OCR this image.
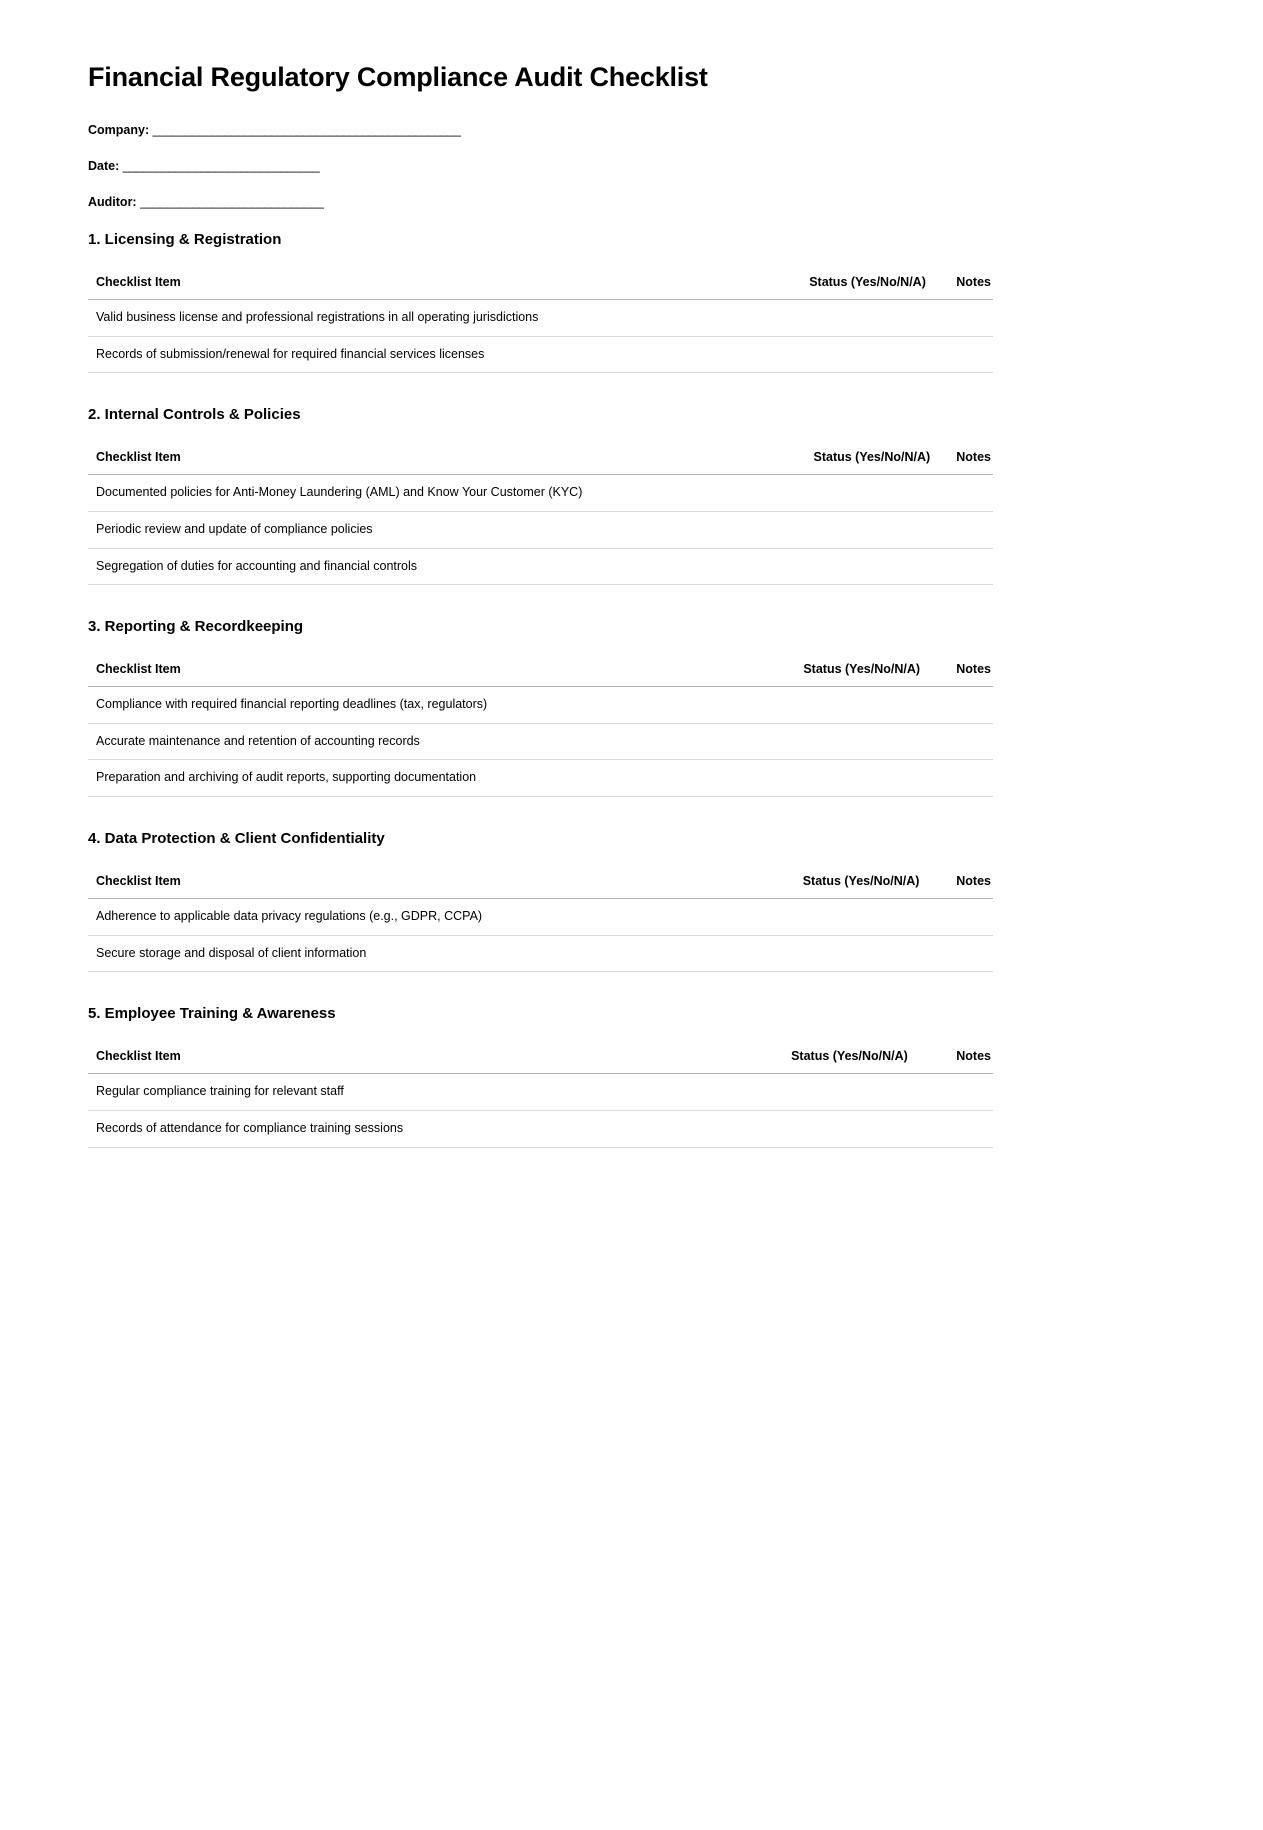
Financial Regulatory Compliance Audit Checklist
Company: _______________________________________________
Date: ______________________________
Auditor: ____________________________
1. Licensing & Registration
Checklist Item	Status (Yes/No/N/A)	Notes
Valid business license and professional registrations in all operating jurisdictions		
Records of submission/renewal for required financial services licenses		
2. Internal Controls & Policies
Checklist Item	Status (Yes/No/N/A)	Notes
Documented policies for Anti-Money Laundering (AML) and Know Your Customer (KYC)		
Periodic review and update of compliance policies		
Segregation of duties for accounting and financial controls		
3. Reporting & Recordkeeping
Checklist Item	Status (Yes/No/N/A)	Notes
Compliance with required financial reporting deadlines (tax, regulators)		
Accurate maintenance and retention of accounting records		
Preparation and archiving of audit reports, supporting documentation		
4. Data Protection & Client Confidentiality
Checklist Item	Status (Yes/No/N/A)	Notes
Adherence to applicable data privacy regulations (e.g., GDPR, CCPA)		
Secure storage and disposal of client information		
5. Employee Training & Awareness
Checklist Item	Status (Yes/No/N/A)	Notes
Regular compliance training for relevant staff		
Records of attendance for compliance training sessions		
